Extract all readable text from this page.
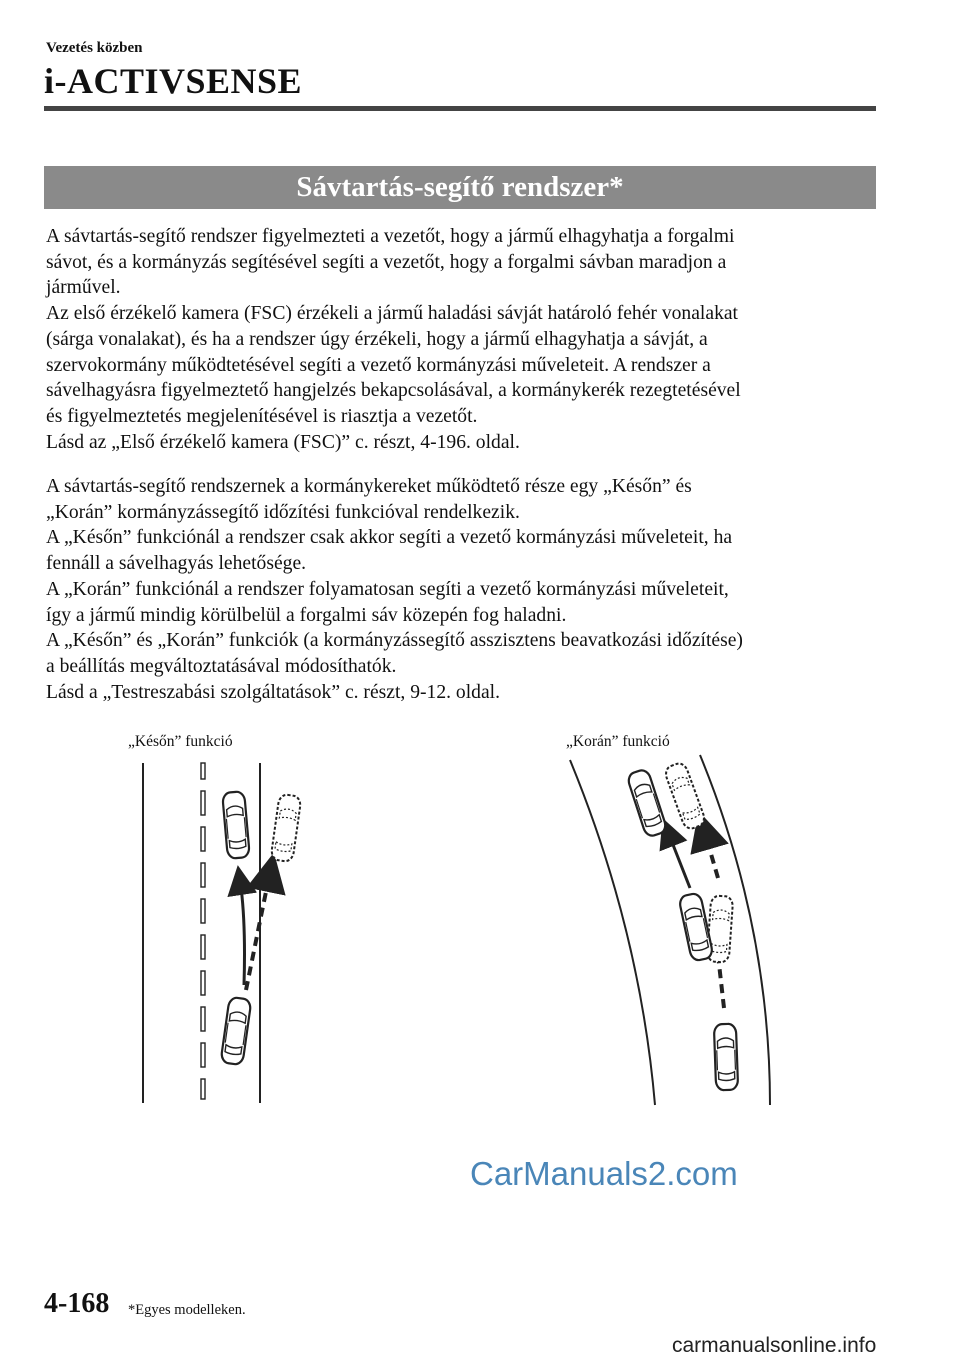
Vezetés közben
i-ACTIVSENSE
Sávtartás-segítő rendszer*

A sávtartás-segítő rendszer figyelmezteti a vezetőt, hogy a jármű elhagyhatja a forgalmi

sávot, és a kormányzás segítésével segíti a vezetőt, hogy a forgalmi sávban maradjon a

járművel.

Az első érzékelő kamera (FSC) érzékeli a jármű haladási sávját határoló fehér vonalakat

(sárga vonalakat), és ha a rendszer úgy érzékeli, hogy a jármű elhagyhatja a sávját, a

szervokormány működtetésével segíti a vezető kormányzási műveleteit. A rendszer a

sávelhagyásra figyelmeztető hangjelzés bekapcsolásával, a kormánykerék rezegtetésével

és figyelmeztetés megjelenítésével is riasztja a vezetőt.

Lásd az „Első érzékelő kamera (FSC)” c. részt, 4-196. oldal.

A sávtartás-segítő rendszernek a kormánykereket működtető része egy „Későn” és

„Korán” kormányzássegítő időzítési funkcióval rendelkezik.

A „Későn” funkciónál a rendszer csak akkor segíti a vezető kormányzási műveleteit, ha

fennáll a sávelhagyás lehetősége.

A „Korán” funkciónál a rendszer folyamatosan segíti a vezető kormányzási műveleteit,

így a jármű mindig körülbelül a forgalmi sáv közepén fog haladni.

A „Későn” és „Korán” funkciók (a kormányzássegítő asszisztens beavatkozási időzítése)

a beállítás megváltoztatásával módosíthatók.

Lásd a „Testreszabási szolgáltatások” c. részt, 9-12. oldal.

„Későn” funkció	„Korán” funkció
CarManuals2.com
4-168 *Egyes modelleken.
carmanualsonline.info
